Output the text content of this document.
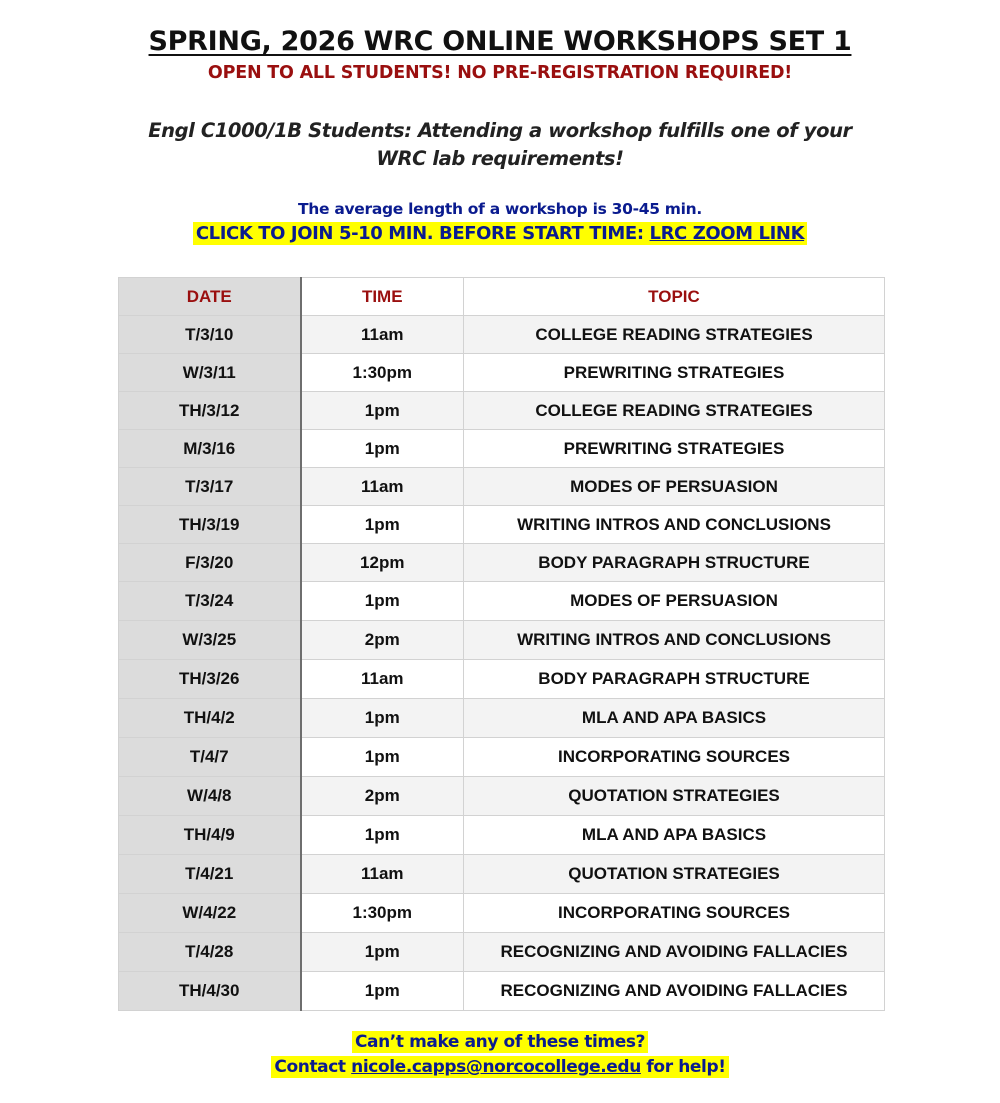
SPRING, 2026 WRC ONLINE WORKSHOPS SET 1
OPEN TO ALL STUDENTS! NO PRE-REGISTRATION REQUIRED!
Engl C1000/1B Students: Attending a workshop fulfills one of your
WRC lab requirements!
The average length of a workshop is 30-45 min.
CLICK TO JOIN 5-10 MIN. BEFORE START TIME: LRC ZOOM LINK
DATE	TIME	TOPIC
T/3/10	11am	COLLEGE READING STRATEGIES
W/3/11	1:30pm	PREWRITING STRATEGIES
TH/3/12	1pm	COLLEGE READING STRATEGIES
M/3/16	1pm	PREWRITING STRATEGIES
T/3/17	11am	MODES OF PERSUASION
TH/3/19	1pm	WRITING INTROS AND CONCLUSIONS
F/3/20	12pm	BODY PARAGRAPH STRUCTURE
T/3/24	1pm	MODES OF PERSUASION
W/3/25	2pm	WRITING INTROS AND CONCLUSIONS
TH/3/26	11am	BODY PARAGRAPH STRUCTURE
TH/4/2	1pm	MLA AND APA BASICS
T/4/7	1pm	INCORPORATING SOURCES
W/4/8	2pm	QUOTATION STRATEGIES
TH/4/9	1pm	MLA AND APA BASICS
T/4/21	11am	QUOTATION STRATEGIES
W/4/22	1:30pm	INCORPORATING SOURCES
T/4/28	1pm	RECOGNIZING AND AVOIDING FALLACIES
TH/4/30	1pm	RECOGNIZING AND AVOIDING FALLACIES
Can’t make any of these times?
Contact nicole.capps@norcocollege.edu for help!
